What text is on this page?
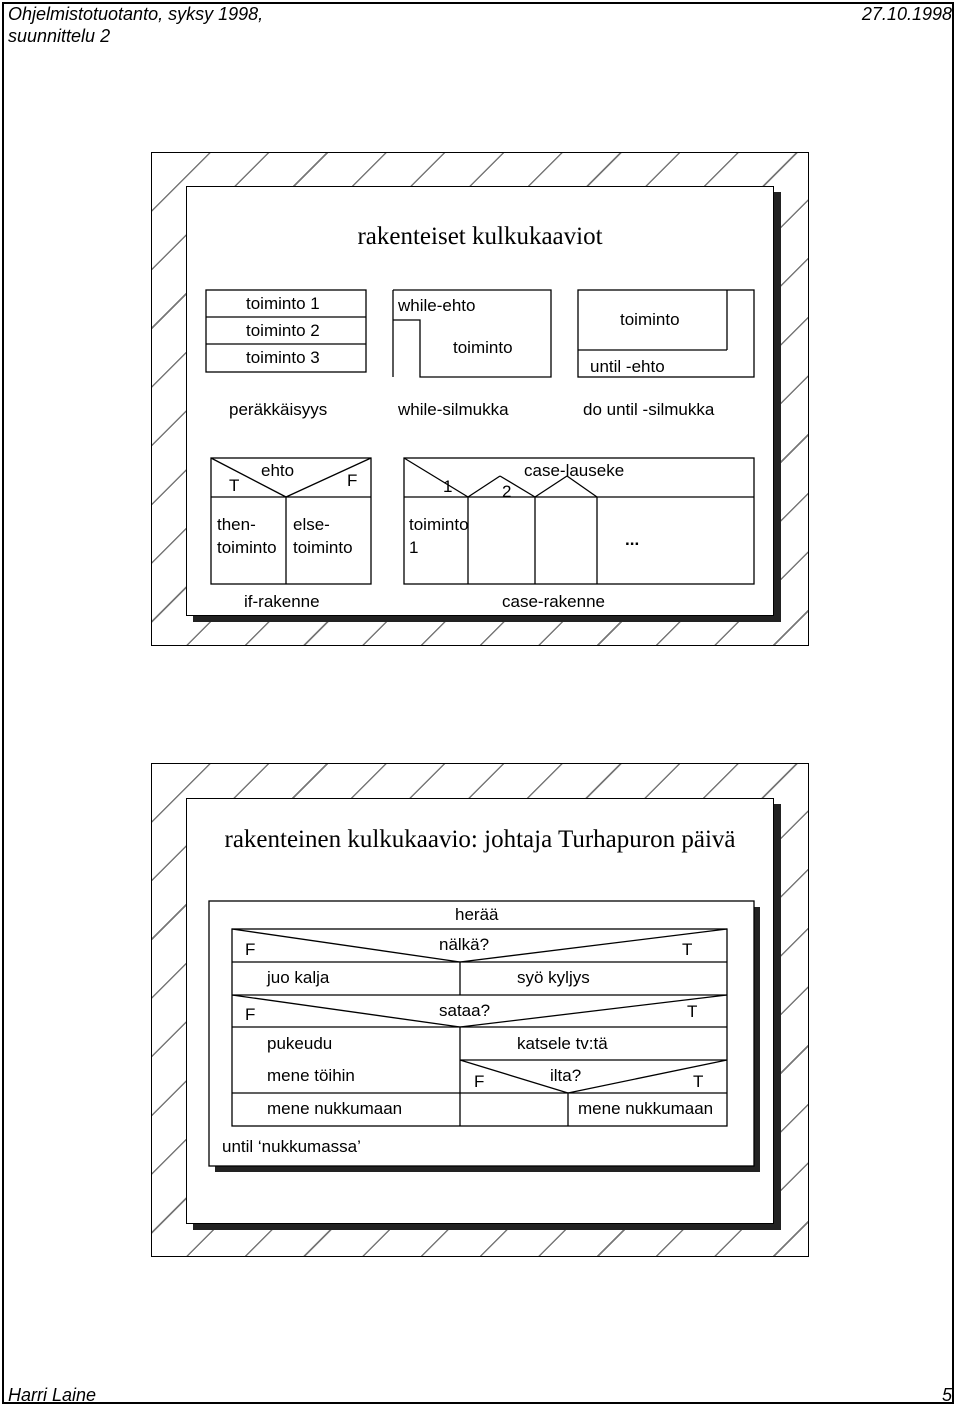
Ohjelmistotuotanto, syksy 1998,
suunnittelu 2
27.10.1998
Harri Laine	5
rakenteiset kulkukaaviot
toiminto 1
toiminto 2
toiminto 3
peräkkäisyys
while-ehto
toiminto
while-silmukka
toiminto
until -ehto
do until -silmukka
T
ehto
F
then-
toiminto
else-
toiminto
if-rakenne
case-lauseke
1	2
toiminto
1	...
case-rakenne
rakenteinen kulkukaavio: johtaja Turhapuron päivä
herää
F	nälkä?	T
juo kalja	syö kyljys
F	sataa?	T
pukeudu	katsele tv:tä
mene töihin
mene nukkumaan
F	ilta?	T
mene nukkumaan
until ‘nukkumassa’
